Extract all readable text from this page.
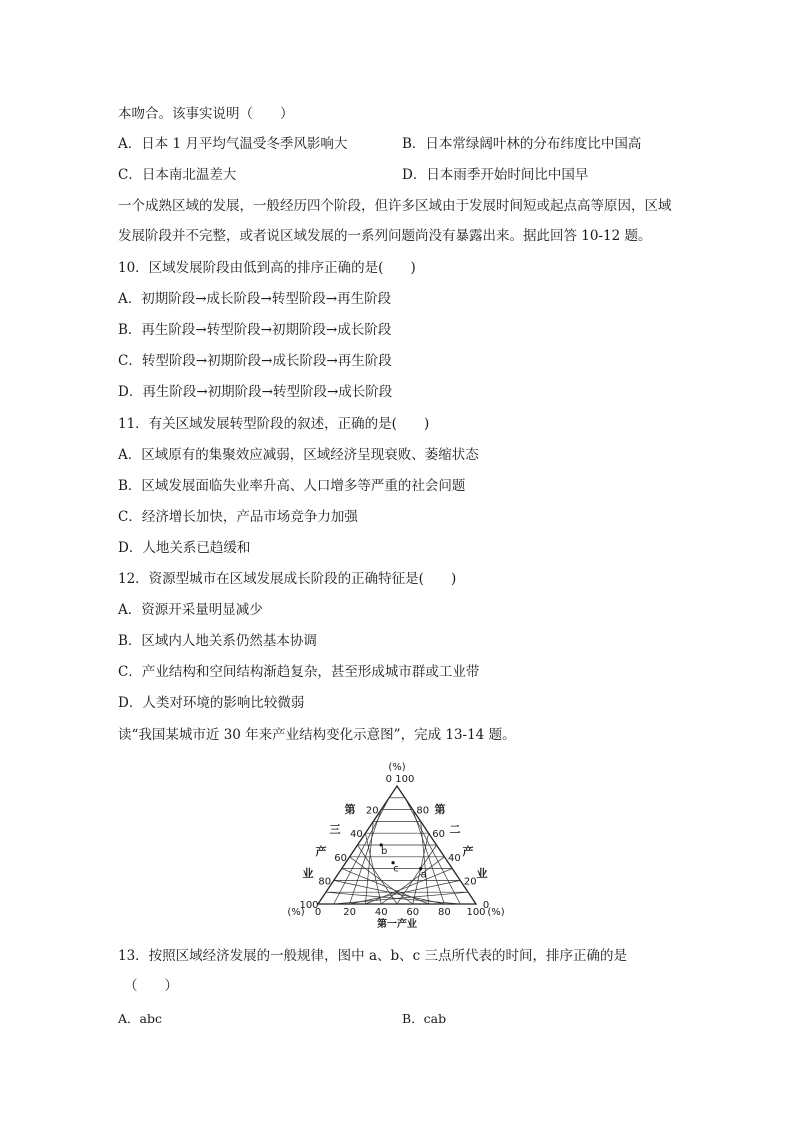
本吻合。该事实说明（　　）
A．日本 1 月平均气温受冬季风影响大	B．日本常绿阔叶林的分布纬度比中国高
C．日本南北温差大	D．日本雨季开始时间比中国早
一个成熟区域的发展，一般经历四个阶段，但许多区域由于发展时间短或起点高等原因，区域发展阶段并不完整，或者说区域发展的一系列问题尚没有暴露出来。据此回答 10-12 题。
10．区域发展阶段由低到高的排序正确的是(　　)
A．初期阶段→成长阶段→转型阶段→再生阶段
B．再生阶段→转型阶段→初期阶段→成长阶段
C．转型阶段→初期阶段→成长阶段→再生阶段
D．再生阶段→初期阶段→转型阶段→成长阶段
11．有关区域发展转型阶段的叙述，正确的是(　　)
A．区域原有的集聚效应减弱，区域经济呈现衰败、萎缩状态
B．区域发展面临失业率升高、人口增多等严重的社会问题
C．经济增长加快，产品市场竞争力加强
D．人地关系已趋缓和
12．资源型城市在区域发展成长阶段的正确特征是(　　)
A．资源开采量明显减少
B．区域内人地关系仍然基本协调
C．产业结构和空间结构渐趋复杂，甚至形成城市群或工业带
D．人类对环境的影响比较微弱
读“我国某城市近 30 年来产业结构变化示意图”，完成 13-14 题。
(%)
0 100
20
40
60
80
100
80
60
40
20
0
0 20 40 60 80 100
(%)	(%)
第一产业
第
三
产
业
第
二
产
业
a
b
c
13．按照区域经济发展的一般规律，图中 a、b、c 三点所代表的时间，排序正确的是
（　　）
A．abc	B．cab
